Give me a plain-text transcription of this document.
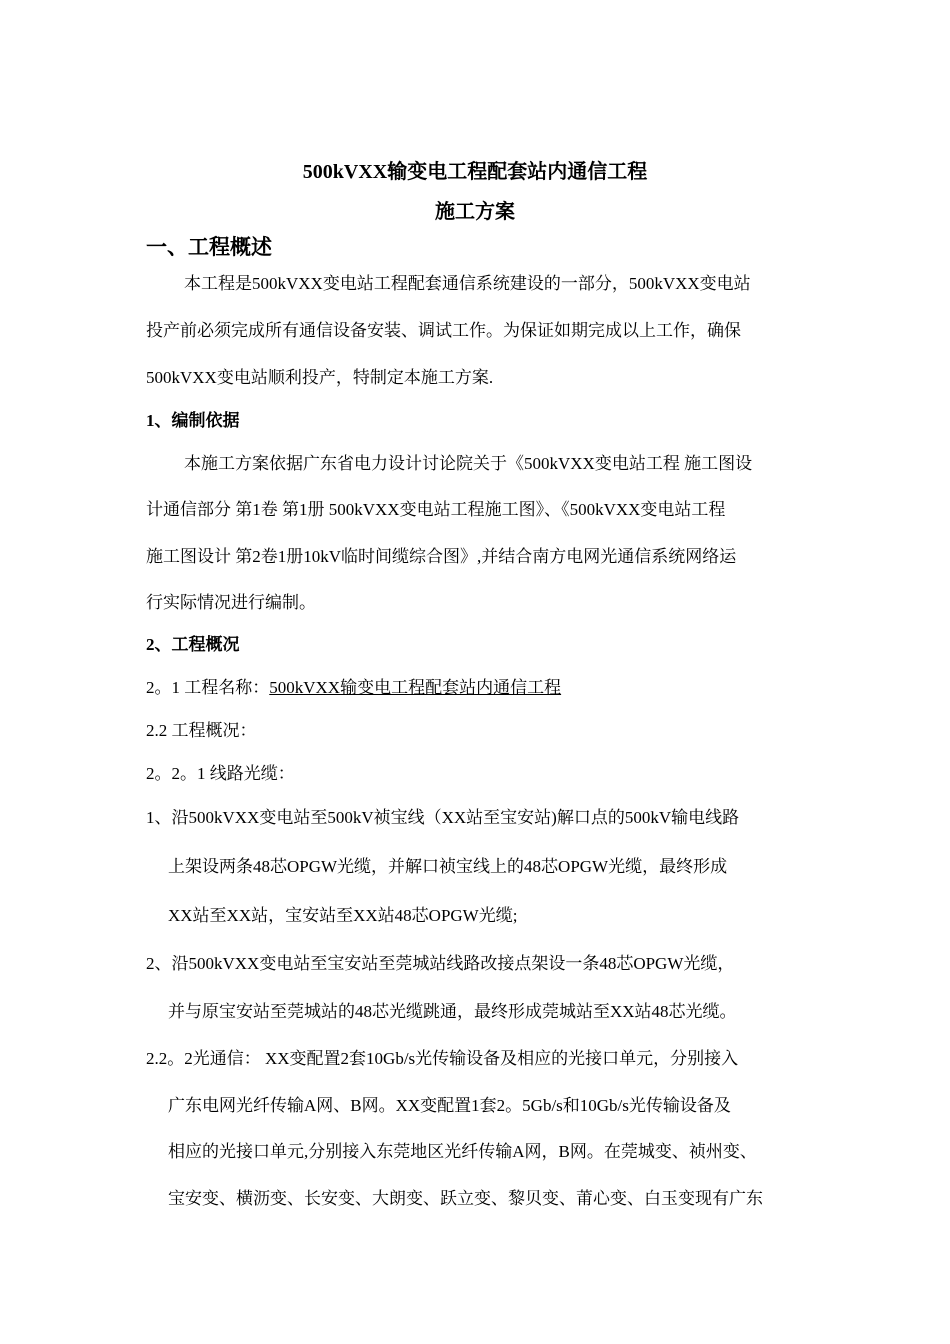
500kVXX输变电工程配套站内通信工程
施工方案
一、工程概述
本工程是500kVXX变电站工程配套通信系统建设的一部分，500kVXX变电站
投产前必须完成所有通信设备安装、调试工作。为保证如期完成以上工作，确保
500kVXX变电站顺利投产，特制定本施工方案.
1、编制依据
本施工方案依据广东省电力设计讨论院关于《500kVXX变电站工程 施工图设
计通信部分 第1卷 第1册 500kVXX变电站工程施工图》、《500kVXX变电站工程
施工图设计 第2卷1册10kV临时间缆综合图》,并结合南方电网光通信系统网络运
行实际情况进行编制。
2、工程概况
2。1 工程名称：500kVXX输变电工程配套站内通信工程
2.2 工程概况：
2。2。1 线路光缆：
1、沿500kVXX变电站至500kV祯宝线（XX站至宝安站)解口点的500kV输电线路
上架设两条48芯OPGW光缆，并解口祯宝线上的48芯OPGW光缆，最终形成
XX站至XX站，宝安站至XX站48芯OPGW光缆;
2、沿500kVXX变电站至宝安站至莞城站线路改接点架设一条48芯OPGW光缆，
并与原宝安站至莞城站的48芯光缆跳通，最终形成莞城站至XX站48芯光缆。
2.2。2光通信： XX变配置2套10Gb/s光传输设备及相应的光接口单元，分别接入
广东电网光纤传输A网、B网。XX变配置1套2。5Gb/s和10Gb/s光传输设备及
相应的光接口单元,分别接入东莞地区光纤传输A网，B网。在莞城变、祯州变、
宝安变、横沥变、长安变、大朗变、跃立变、黎贝变、莆心变、白玉变现有广东
